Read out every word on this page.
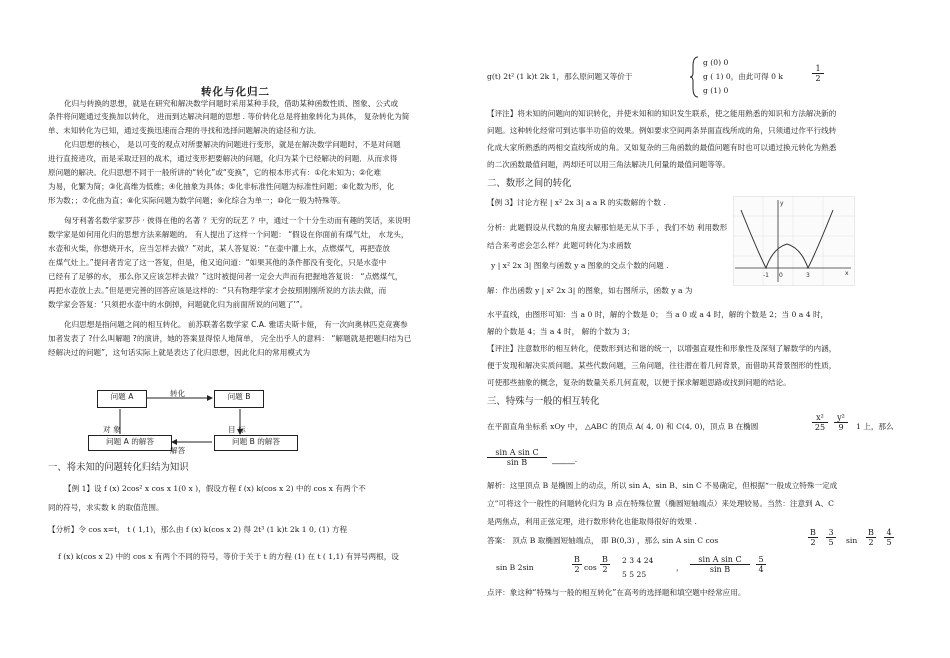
转化与化归二
化归与转换的思想，就是在研究和解决数学问题时采用某种手段，借助某种函数性质、图象、公式或
条件将问题通过变换加以转化， 进而到达解决问题的思想 . 等价转化总是将抽象转化为具体， 复杂转化为简
单、未知转化为已知，通过变换迅速而合理的寻找和选择问题解决的途径和方法．
化归思想的核心， 是以可变的观点对所要解决的问题进行变形，就是在解决数学问题时，不是对问题
进行直接进攻，而是采取迂回的战术，通过变形把要解决的问题，化归为某个已经解决的问题．从而求得
原问题的解决。化归思想不同于一般所讲的“转化”或“变换”，它的根本形式有：①化未知为；②化难
为易，化繁为简；③化高维为低维；④化抽象为具体；⑤化非标准性问题为标准性问题；⑥化数为形，化
形为数；；⑦化曲为直；⑧化实际问题为数学问题；⑨化综合为单一；⑩化一般为特殊等。
匈牙利著名数学家罗莎 · 彼得在他的名著 ？无穷的玩艺 ？中，通过一个十分生动而有趣的笑话，来说明
数学家是如何用化归的思想方法来解题的。 有人提出了这样一个问题： “假设在你面前有煤气灶， 水龙头，
水壶和火柴，你想烧开水，应当怎样去做？”对此，某人答复说：“在壶中灌上水，点燃煤气，再把壶放
在煤气灶上。”提问者肯定了这一答复，但是，他又追问道：“如果其他的条件都没有变化，只是水壶中
已经有了足够的水， 那么你又应该怎样去做？”这时被提问者一定会大声而有把握地答复说： “点燃煤气，
再把水壶放上去。”但是更完善的回答应该是这样的：“只有物理学家才会按照刚刚所说的方法去做，而
数学家会答复：‘只须把水壶中的水倒掉，问题就化归为前面所说的问题了’”。
化归思想是指问题之间的相互转化。 前苏联著名数学家 C.A. 雅诺夫斯卡娅， 有一次向奥林匹克竞赛参
加者发表了 ?什么叫解题 ?的演讲，她的答案显得惊人地简单， 完全出乎人的意料： “解题就是把题归结为已
经解决过的问题”，这句话实际上就是表达了化归思想，因此化归的常用模式为
问题 A	问题 B
问题 A 的解答	问题 B 的解答
转化
对 象	目 标
解答
一、将未知的问题转化归结为知识
【例 1】设 f (x) 2cos² x cos x 1(0 x )，假设方程 f (x) k(cos x 2) 中的 cos x 有两个不
同的符号，求实数 k 的取值范围。
【分析】令 cos x=t， t ( 1,1)，那么由 f (x) k(cos x 2) 得 2t³ (1 k)t 2k 1 0, (1) 方程
f (x) k(cos x 2) 中的 cos x 有两个不同的符号，等价于关于 t 的方程 (1) 在 t ( 1,1) 有异号两根，设
g(t) 2t² (1 k)t 2k 1，那么原问题又等价于
g (0) 0
g ( 1) 0，由此可得 0 k
g (1) 0
$\frac{1}{2}$
【评注】将未知的问题向的知识转化，并使未知和的知识发生联系，使之能用熟悉的知识和方法解决新的
问题。这种转化经常可到达事半功倍的效果。例如要求空间两条异面直线所成的角，只须通过作平行线转
化成大家所熟悉的两相交直线所成的角。又如复杂的三角函数的最值问题有时也可以通过换元转化为熟悉
的二次函数最值问题，两却还可以用三角法解决几何量的最值问题等等。
二、数形之间的转化
【例 3】讨论方程 | x² 2x 3| a a R 的实数解的个数 .
分析：此题假设从代数的角度去解那怕是无从下手 ，我们不妨 利用数形
结合来考虑会怎么样？此题可转化为求函数
y | x² 2x 3| 图象与函数 y a 图象的交点个数的问题 .
-1 0	3	x
y
解：作出函数 y | x² 2x 3| 的图象，如右图所示，函数 y a 为
水平直线，由图形可知：当 a 0 时，解的个数是 0； 当 a 0 或 a 4 时，解的个数是 2；当 0 a 4 时，
解的个数是 4；当 a 4 时， 解的个数为 3；
【评注】注意数形的相互转化，使数形到达和谐的统一，以增强直观性和形象性及深刻了解数学的内涵，
便于发现和解决实质问题。某些代数问题，三角问题，往往潜在着几何背景，而借助其背景图形的性质，
可使那些抽象的概念，复杂的数量关系几何直观，以便于探求解题思路或找到问题的结论。
三、特殊与一般的相互转化
在平面直角坐标系 xOy 中， △ABC 的顶点 A( 4, 0) 和 C(4, 0)，顶点 B 在椭圆	$\frac{\text{x²}}{25} \frac{\text{y²}}{9} 1$ 上，那么
$\frac{\text{sin A sin C}}{\text{sin B}}$ ______.
解析：这里顶点 B 是椭圆上的动点，所以 sin A、sin B、sin C 不易确定，但根据“一般成立特殊一定成
立”可将这个一般性的问题转化归为 B 点在特殊位置（椭圆短轴端点）来处理较易。当然：注意到 A、C
是两焦点，利用正弦定理，进行数形转化也能取得很好的效果 .
答案： 顶点 B 取椭圆短轴端点， 即 B(0,3) ，那么 sin A sin C cos	$\frac{B}{2} \frac{3}{5}$ $\sin \frac{B}{2} \frac{4}{5}$
sin B 2sin	$\frac{B}{2}$ $\cos \frac{B}{2} 2$ 3 4 24
5 5 25
， $\frac{\text{sin A sin C}}{\text{sin B}} \frac{5}{4}$
点评：象这种“特殊与一般的相互转化”在高考的选择题和填空题中经常应用。
